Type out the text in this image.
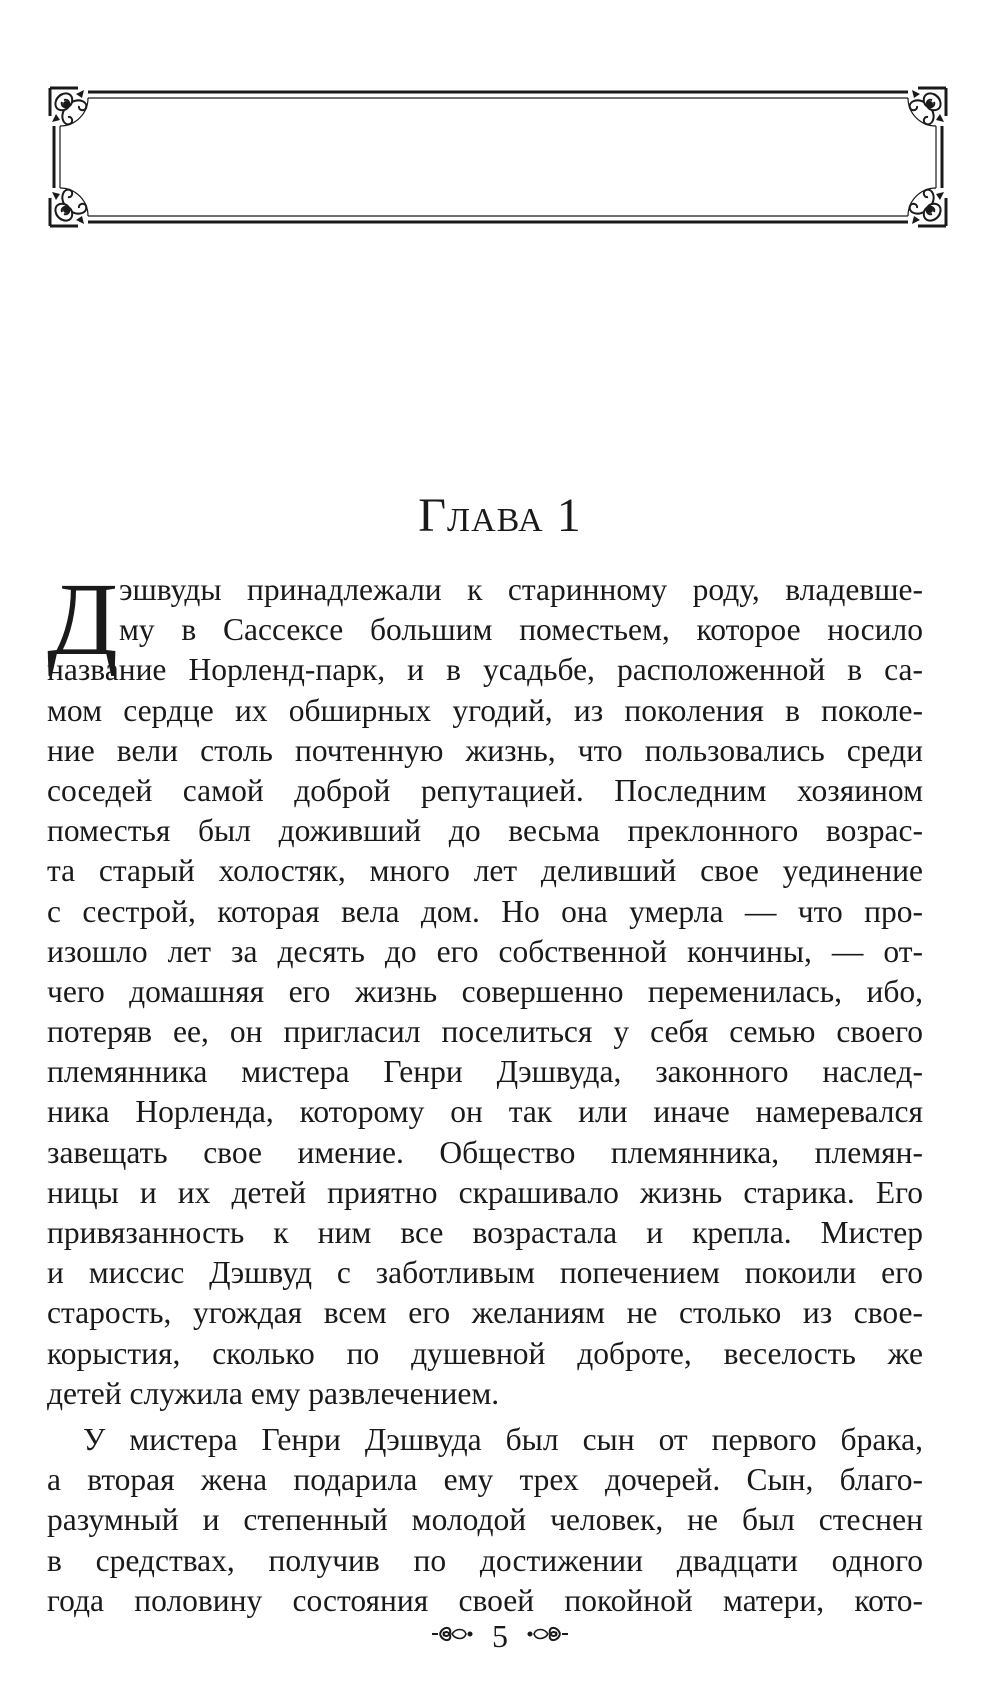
Глава 1
Д эшвуды принадлежали к старинному роду, владевше-
му в Сассексе большим поместьем, которое носило
название Норленд-парк, и в усадьбе, расположенной в са-
мом сердце их обширных угодий, из поколения в поколе-
ние вели столь почтенную жизнь, что пользовались среди
соседей самой доброй репутацией. Последним хозяином
поместья был доживший до весьма преклонного возрас-
та старый холостяк, много лет деливший свое уединение
с сестрой, которая вела дом. Но она умерла — что про-
изошло лет за десять до его собственной кончины, — от-
чего домашняя его жизнь совершенно переменилась, ибо,
потеряв ее, он пригласил поселиться у себя семью своего
племянника мистера Генри Дэшвуда, законного наслед-
ника Норленда, которому он так или иначе намеревался
завещать свое имение. Общество племянника, племян-
ницы и их детей приятно скрашивало жизнь старика. Его
привязанность к ним все возрастала и крепла. Мистер
и миссис Дэшвуд с заботливым попечением покоили его
старость, угождая всем его желаниям не столько из свое-
корыстия, сколько по душевной доброте, веселость же
детей служила ему развлечением.
У мистера Генри Дэшвуда был сын от первого брака,
а вторая жена подарила ему трех дочерей. Сын, благо-
разумный и степенный молодой человек, не был стеснен
в средствах, получив по достижении двадцати одного
года половину состояния своей покойной матери, кото-
5
